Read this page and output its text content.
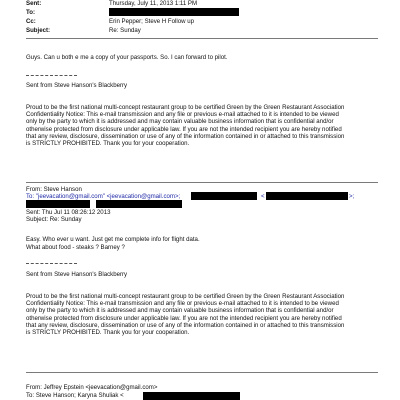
Sent:	Thursday, July 11, 2013 1:11 PM
To:
Cc:	Erin Pepper; Steve H Follow up
Subject:	Re: Sunday
Guys. Can u both e me a copy of your passports. So. I can forward to pilot.
Sent from Steve Hanson's Blackberry
Proud to be the first national multi-concept restaurant group to be certified Green by the Green Restaurant Association
Confidentiality Notice: This e-mail transmission and any file or previous e-mail attached to it is intended to be viewed
only by the party to which it is addressed and may contain valuable business information that is confidential and/or
otherwise protected from disclosure under applicable law. If you are not the intended recipient you are hereby notified
that any review, disclosure, dissemination or use of any of the information contained in or attached to this transmission
is STRICTLY PROHIBITED. Thank you for your cooperation.
From: Steve Hanson
To: "jeevacation@gmail.com" <jeevacation@gmail.com>;	<	>;
Sent: Thu Jul 11 08:26:12 2013
Subject: Re: Sunday
Easy. Who ever u want. Just get me complete info for flight data.
What about food - steaks ? Barney ?
Sent from Steve Hanson's Blackberry
Proud to be the first national multi-concept restaurant group to be certified Green by the Green Restaurant Association
Confidentiality Notice: This e-mail transmission and any file or previous e-mail attached to it is intended to be viewed
only by the party to which it is addressed and may contain valuable business information that is confidential and/or
otherwise protected from disclosure under applicable law. If you are not the intended recipient you are hereby notified
that any review, disclosure, dissemination or use of any of the information contained in or attached to this transmission
is STRICTLY PROHIBITED. Thank you for your cooperation.
From: Jeffrey Epstein <jeevacation@gmail.com>
To: Steve Hanson; Karyna Shuliak <
